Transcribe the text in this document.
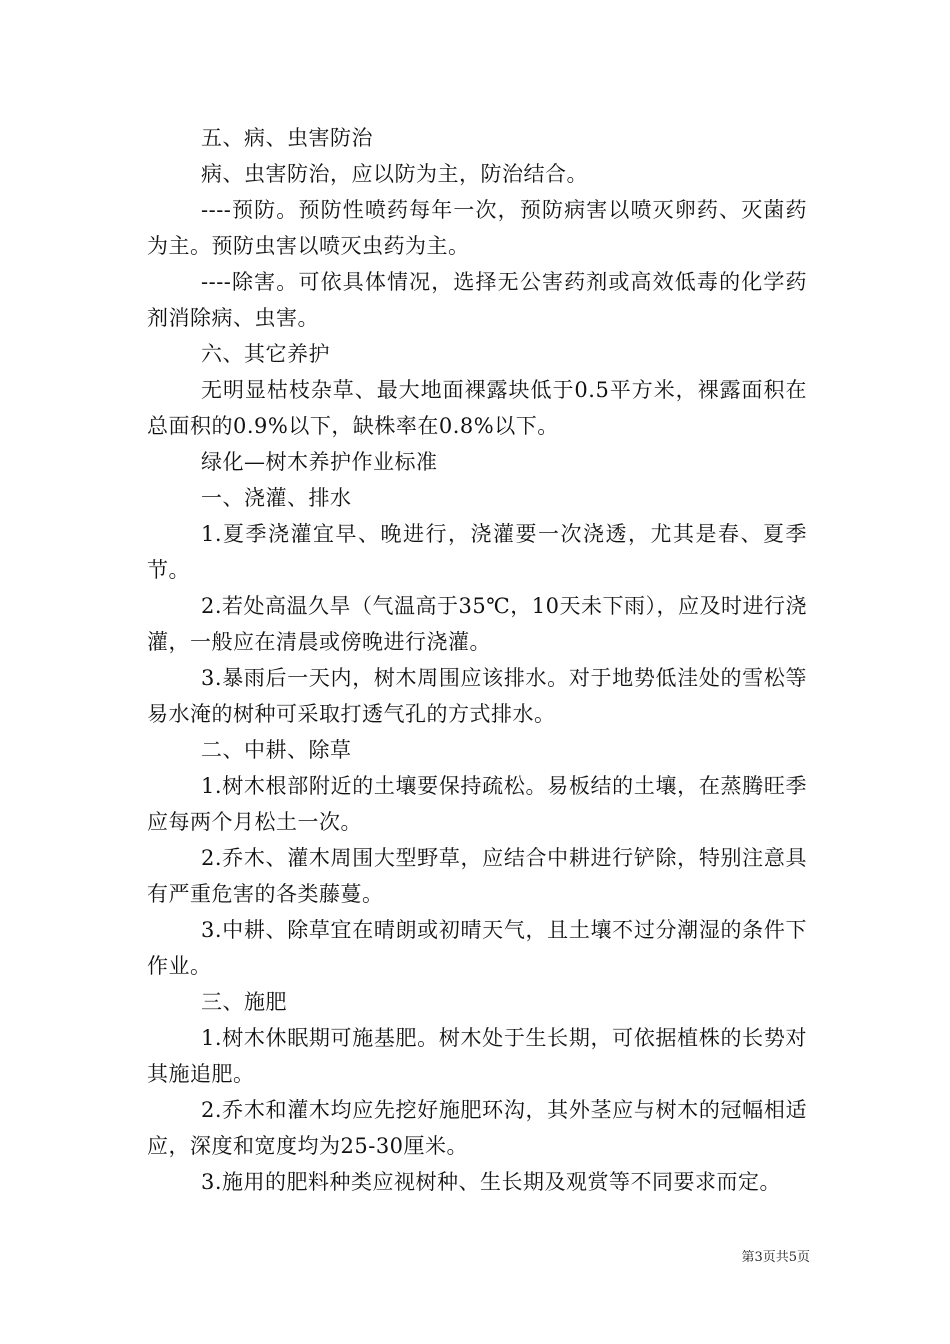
五、病、虫害防治

病、虫害防治，应以防为主，防治结合。

----预防。预防性喷药每年一次，预防病害以喷灭卵药、灭菌药为主。预防虫害以喷灭虫药为主。

----除害。可依具体情况，选择无公害药剂或高效低毒的化学药剂消除病、虫害。

六、其它养护

无明显枯枝杂草、最大地面裸露块低于0.5平方米，裸露面积在总面积的0.9%以下，缺株率在0.8%以下。

绿化—树木养护作业标准

一、浇灌、排水

1.夏季浇灌宜早、晚进行，浇灌要一次浇透，尤其是春、夏季节。

2.若处高温久旱（气温高于35℃，10天未下雨），应及时进行浇灌，一般应在清晨或傍晚进行浇灌。

3.暴雨后一天内，树木周围应该排水。对于地势低洼处的雪松等易水淹的树种可采取打透气孔的方式排水。

二、中耕、除草

1.树木根部附近的土壤要保持疏松。易板结的土壤，在蒸腾旺季应每两个月松土一次。

2.乔木、灌木周围大型野草，应结合中耕进行铲除，特别注意具有严重危害的各类藤蔓。

3.中耕、除草宜在晴朗或初晴天气，且土壤不过分潮湿的条件下作业。

三、施肥

1.树木休眠期可施基肥。树木处于生长期，可依据植株的长势对其施追肥。

2.乔木和灌木均应先挖好施肥环沟，其外茎应与树木的冠幅相适应，深度和宽度均为25-30厘米。

3.施用的肥料种类应视树种、生长期及观赏等不同要求而定。

第3页共5页
